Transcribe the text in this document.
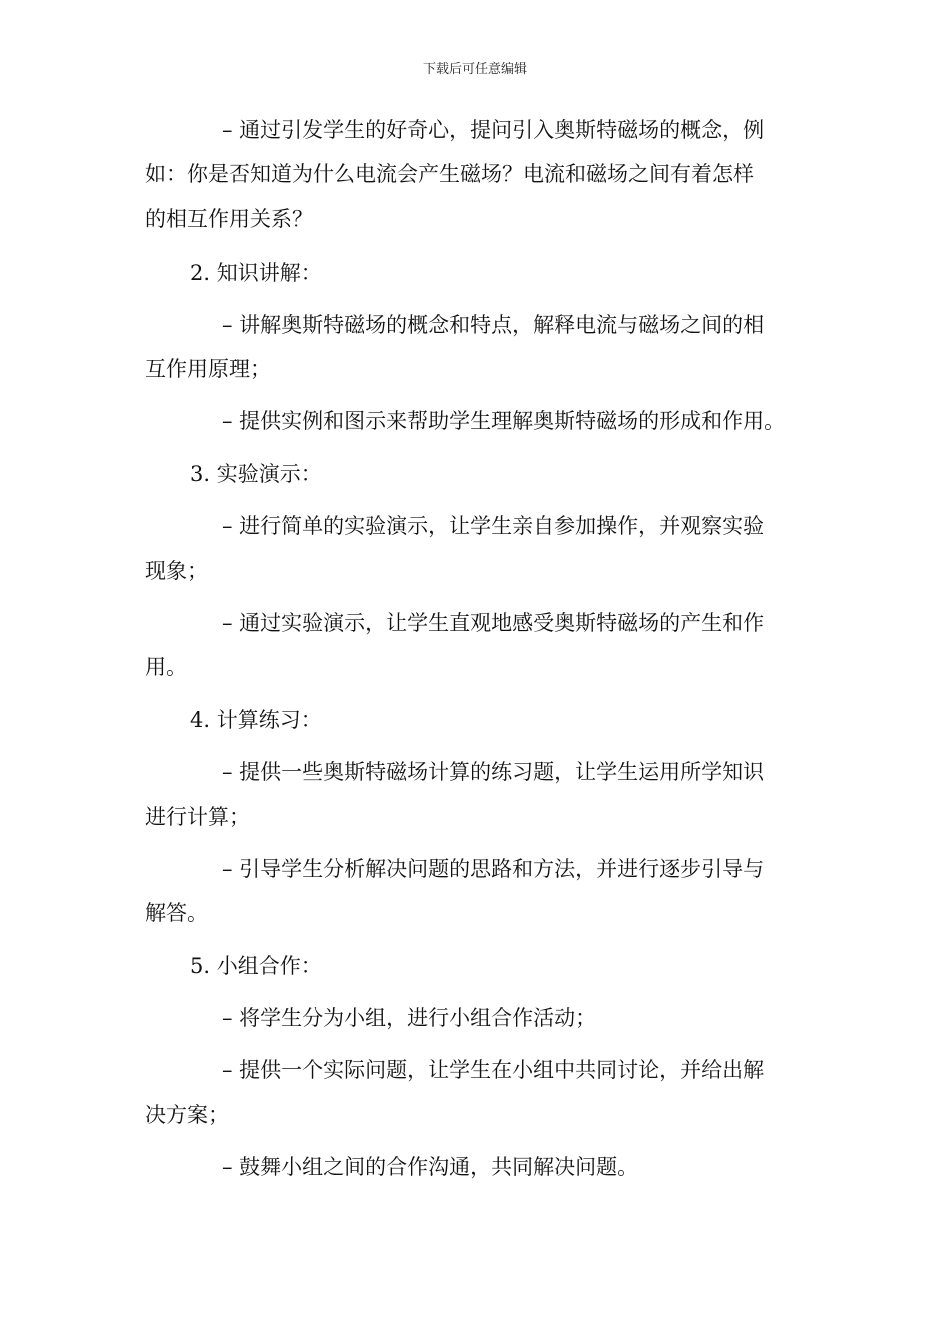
下载后可任意编辑
– 通过引发学生的好奇心，提问引入奥斯特磁场的概念，例
如：你是否知道为什么电流会产生磁场？电流和磁场之间有着怎样
的相互作用关系？
2. 知识讲解：
– 讲解奥斯特磁场的概念和特点，解释电流与磁场之间的相
互作用原理；
– 提供实例和图示来帮助学生理解奥斯特磁场的形成和作用。
3. 实验演示：
– 进行简单的实验演示，让学生亲自参加操作，并观察实验
现象；
– 通过实验演示，让学生直观地感受奥斯特磁场的产生和作
用。
4. 计算练习：
– 提供一些奥斯特磁场计算的练习题，让学生运用所学知识
进行计算；
– 引导学生分析解决问题的思路和方法，并进行逐步引导与
解答。
5. 小组合作：
– 将学生分为小组，进行小组合作活动；
– 提供一个实际问题，让学生在小组中共同讨论，并给出解
决方案；
– 鼓舞小组之间的合作沟通，共同解决问题。
